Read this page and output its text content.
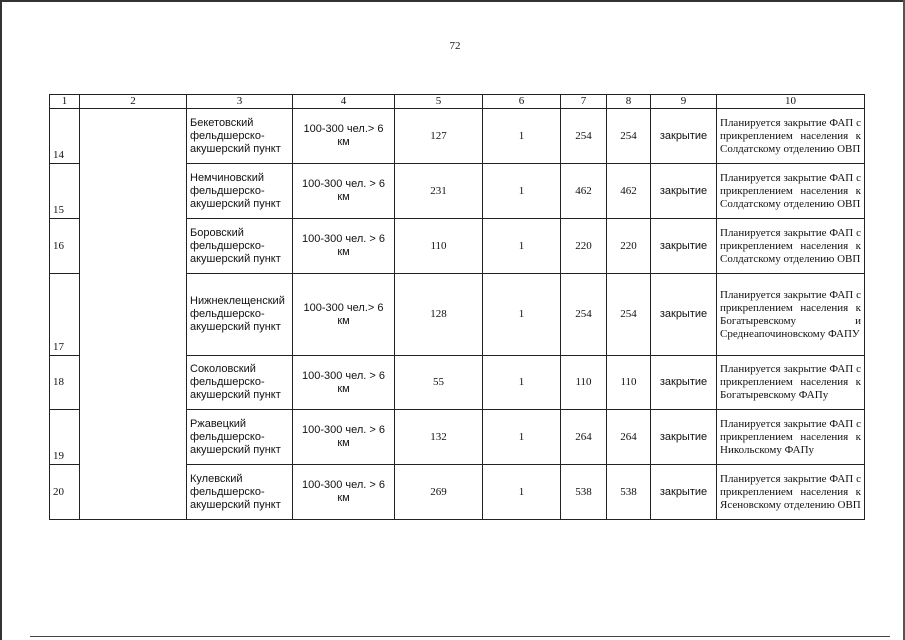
72
1	2	3	4	5	6	7	8	9	10
14		Бекетовский фельдшерско-акушерский пункт	100-300 чел.> 6 км	127	1	254	254	закрытие	Планируется закрытие ФАП с прикреплением населения к Солдатскому отделению ОВП
15		Немчиновский фельдшерско-акушерский пункт	100-300 чел. > 6 км	231	1	462	462	закрытие	Планируется закрытие ФАП с прикреплением населения к Солдатскому отделению ОВП
16		Боровский фельдшерско-акушерский пункт	100-300 чел. > 6 км	110	1	220	220	закрытие	Планируется закрытие ФАП с прикреплением населения к Солдатскому отделению ОВП
17		Нижнеклещенский фельдшерско-акушерский пункт	100-300 чел.> 6 км	128	1	254	254	закрытие	Планируется закрытие ФАП с прикреплением населения к Богатыревскому и Среднеапочиновскому ФАПУ
18		Соколовский фельдшерско-акушерский пункт	100-300 чел. > 6 км	55	1	110	110	закрытие	Планируется закрытие ФАП с прикреплением населения к Богатыревскому ФАПу
19		Ржавецкий фельдшерско-акушерский пункт	100-300 чел. > 6 км	132	1	264	264	закрытие	Планируется закрытие ФАП с прикреплением населения к Никольскому ФАПу
20		Кулевский фельдшерско-акушерский пункт	100-300 чел. > 6 км	269	1	538	538	закрытие	Планируется закрытие ФАП с прикреплением населения к Ясеновскому отделению ОВП
